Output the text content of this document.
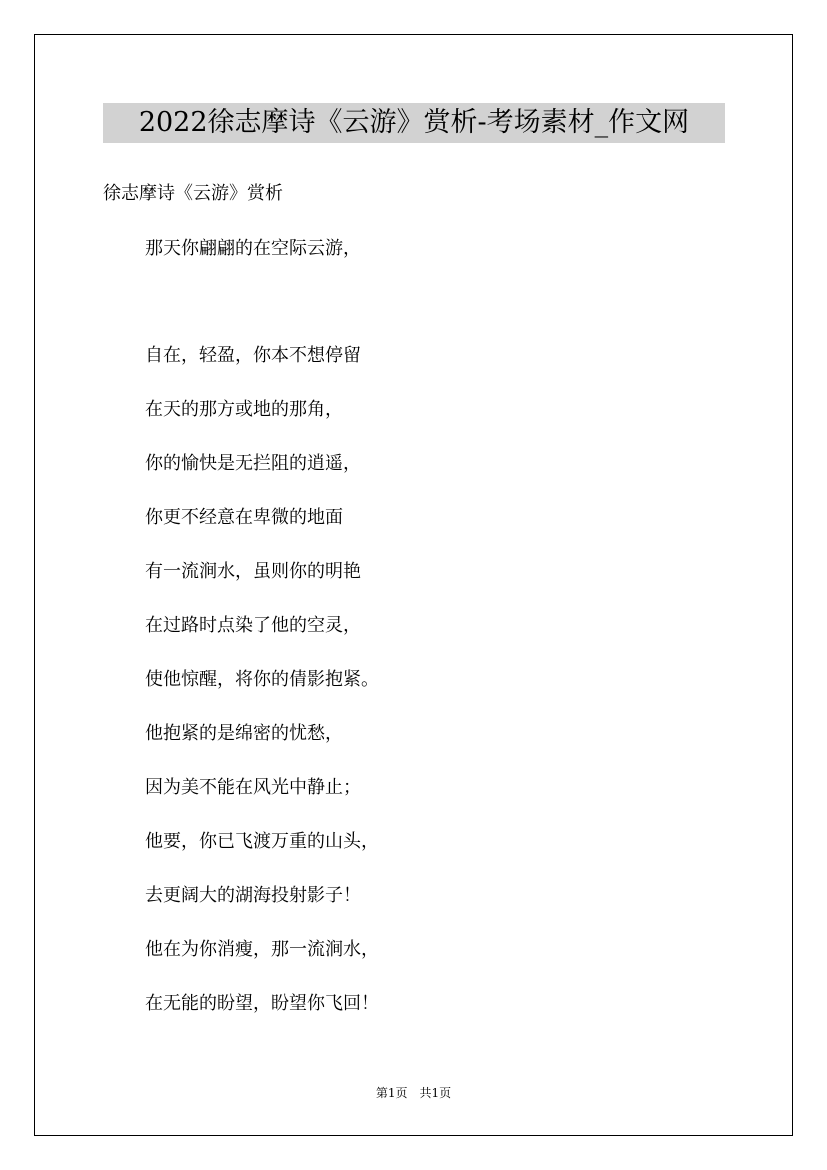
2022徐志摩诗《云游》赏析-考场素材_作文网
徐志摩诗《云游》赏析
那天你翩翩的在空际云游，
自在，轻盈，你本不想停留
在天的那方或地的那角，
你的愉快是无拦阻的逍遥，
你更不经意在卑微的地面
有一流涧水，虽则你的明艳
在过路时点染了他的空灵，
使他惊醒，将你的倩影抱紧。
他抱紧的是绵密的忧愁，
因为美不能在风光中静止；
他要，你已飞渡万重的山头，
去更阔大的湖海投射影子！
他在为你消瘦，那一流涧水，
在无能的盼望，盼望你飞回！
第1页　共1页
